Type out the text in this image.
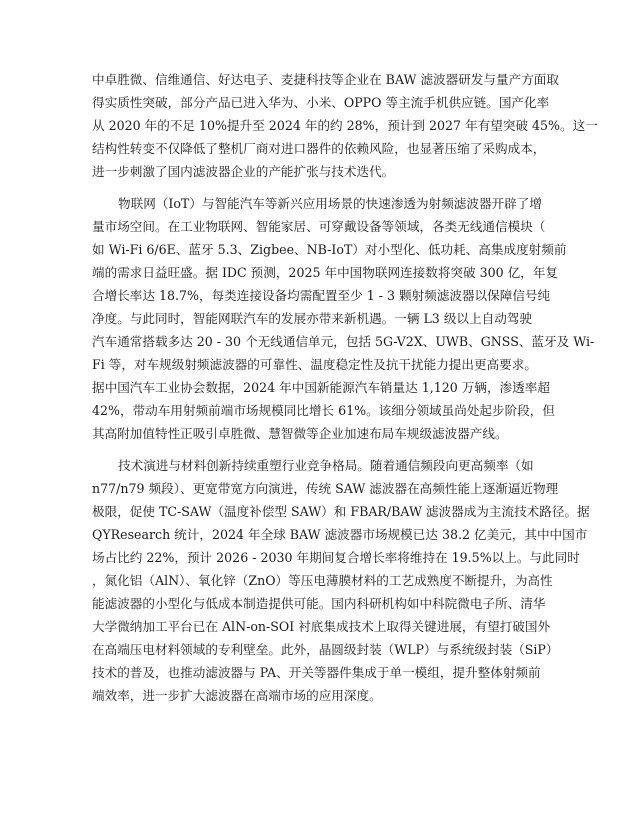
中卓胜微、信维通信、好达电子、麦捷科技等企业在 BAW 滤波器研发与量产方面取
得实质性突破，部分产品已进入华为、小米、OPPO 等主流手机供应链。国产化率
从 2020 年的不足 10%提升至 2024 年的约 28%，预计到 2027 年有望突破 45%。这一
结构性转变不仅降低了整机厂商对进口器件的依赖风险，也显著压缩了采购成本，
进一步刺激了国内滤波器企业的产能扩张与技术迭代。

物联网（IoT）与智能汽车等新兴应用场景的快速渗透为射频滤波器开辟了增
量市场空间。在工业物联网、智能家居、可穿戴设备等领域，各类无线通信模块（
如 Wi-Fi 6/6E、蓝牙 5.3、Zigbee、NB-IoT）对小型化、低功耗、高集成度射频前
端的需求日益旺盛。据 IDC 预测，2025 年中国物联网连接数将突破 300 亿，年复
合增长率达 18.7%，每类连接设备均需配置至少 1 - 3 颗射频滤波器以保障信号纯
净度。与此同时，智能网联汽车的发展亦带来新机遇。一辆 L3 级以上自动驾驶
汽车通常搭载多达 20 - 30 个无线通信单元，包括 5G-V2X、UWB、GNSS、蓝牙及 Wi-
Fi 等，对车规级射频滤波器的可靠性、温度稳定性及抗干扰能力提出更高要求。
据中国汽车工业协会数据，2024 年中国新能源汽车销量达 1,120 万辆，渗透率超
42%，带动车用射频前端市场规模同比增长 61%。该细分领域虽尚处起步阶段，但
其高附加值特性正吸引卓胜微、慧智微等企业加速布局车规级滤波器产线。

技术演进与材料创新持续重塑行业竞争格局。随着通信频段向更高频率（如
n77/n79 频段）、更宽带宽方向演进，传统 SAW 滤波器在高频性能上逐渐逼近物理
极限，促使 TC-SAW（温度补偿型 SAW）和 FBAR/BAW 滤波器成为主流技术路径。据
QYResearch 统计，2024 年全球 BAW 滤波器市场规模已达 38.2 亿美元，其中中国市
场占比约 22%，预计 2026 - 2030 年期间复合增长率将维持在 19.5%以上。与此同时
，氮化铝（AlN）、氧化锌（ZnO）等压电薄膜材料的工艺成熟度不断提升，为高性
能滤波器的小型化与低成本制造提供可能。国内科研机构如中科院微电子所、清华
大学微纳加工平台已在 AlN-on-SOI 衬底集成技术上取得关键进展，有望打破国外
在高端压电材料领域的专利壁垒。此外，晶圆级封装（WLP）与系统级封装（SiP）
技术的普及，也推动滤波器与 PA、开关等器件集成于单一模组，提升整体射频前
端效率，进一步扩大滤波器在高端市场的应用深度。
